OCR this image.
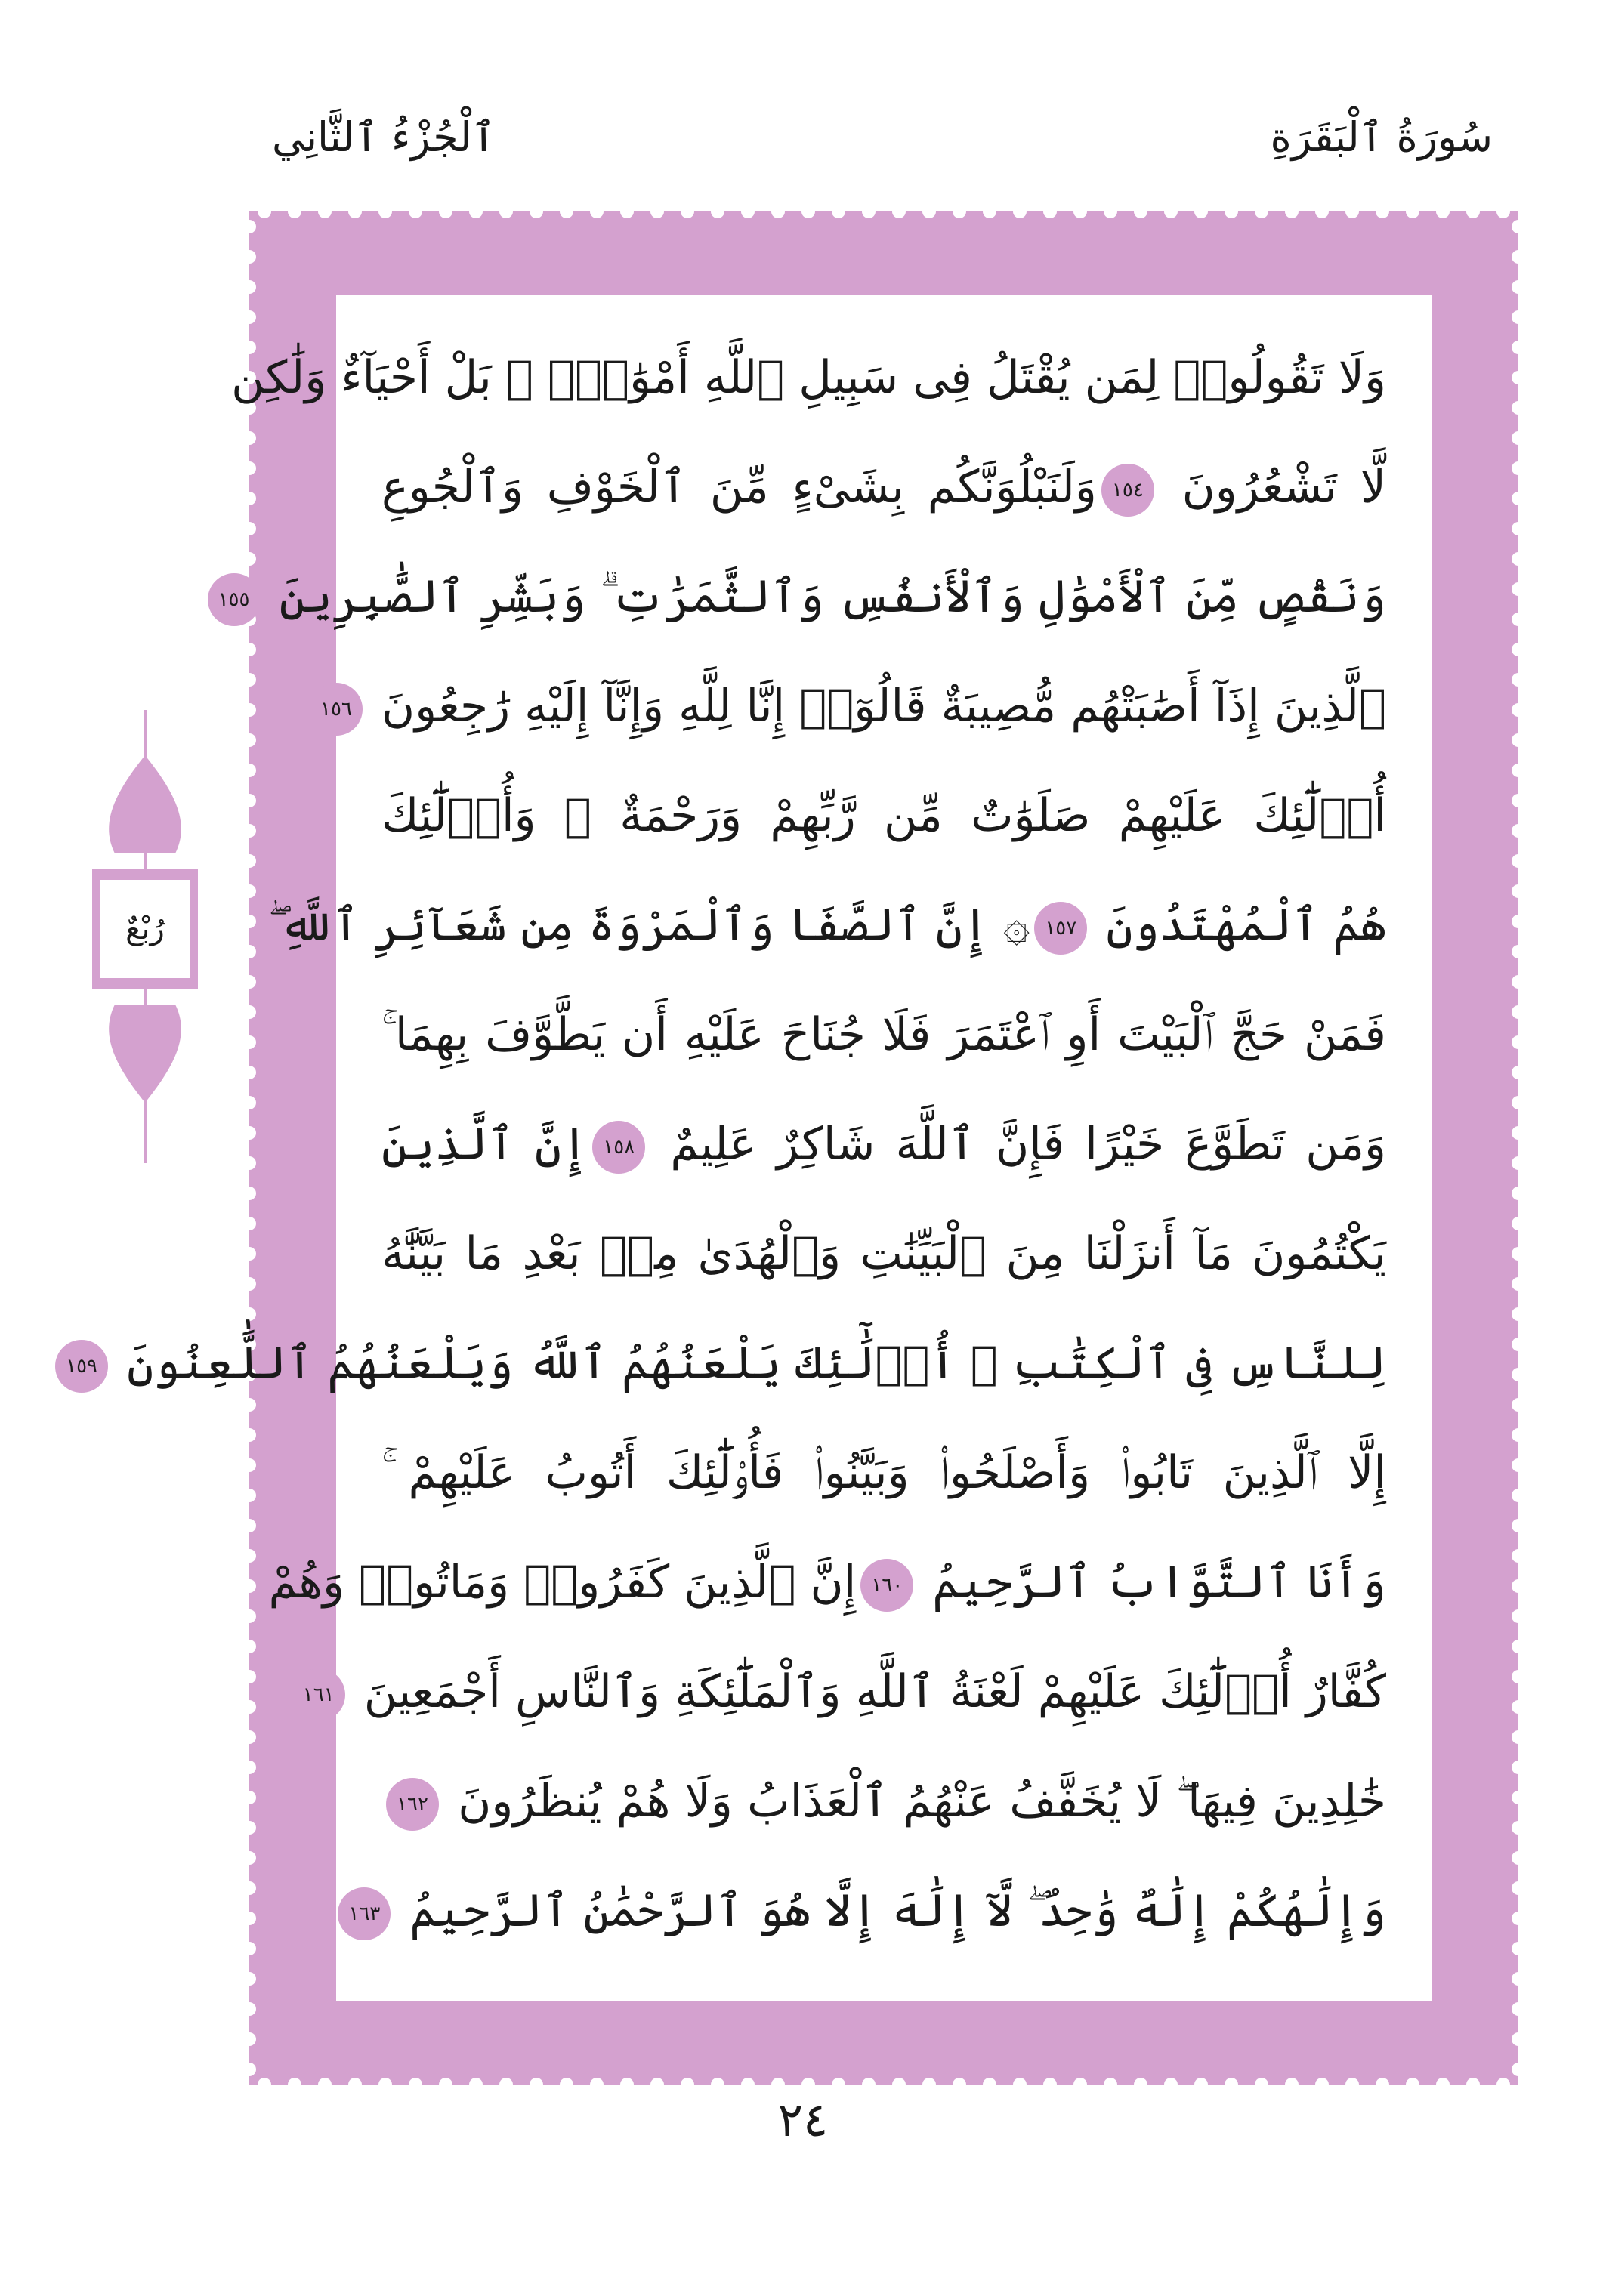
سُورَةُ ٱلْبَقَرَةِ
ٱلْجُزْءُ ٱلثَّانِي
وَلَا تَقُولُوا۟ لِمَن يُقْتَلُ فِى سَبِيلِ ٱللَّهِ أَمْوَٰتٌۢ ۚ بَلْ أَحْيَآءٌ وَلَٰكِن
لَّا تَشْعُرُونَ ١٥٤وَلَنَبْلُوَنَّكُم بِشَىْءٍ مِّنَ ٱلْخَوْفِ وَٱلْجُوعِ
وَنَقْصٍ مِّنَ ٱلْأَمْوَٰلِ وَٱلْأَنفُسِ وَٱلثَّمَرَٰتِ ۗ وَبَشِّرِ ٱلصَّٰبِرِينَ ١٥٥
ٱلَّذِينَ إِذَآ أَصَٰبَتْهُم مُّصِيبَةٌ قَالُوٓا۟ إِنَّا لِلَّهِ وَإِنَّآ إِلَيْهِ رَٰجِعُونَ ١٥٦
أُو۟لَٰٓئِكَ عَلَيْهِمْ صَلَوَٰتٌ مِّن رَّبِّهِمْ وَرَحْمَةٌ ۖ وَأُو۟لَٰٓئِكَ
هُمُ ٱلْمُهْتَدُونَ ١٥٧۞ إِنَّ ٱلصَّفَا وَٱلْمَرْوَةَ مِن شَعَآئِرِ ٱللَّهِ ۖ
فَمَنْ حَجَّ ٱلْبَيْتَ أَوِ ٱعْتَمَرَ فَلَا جُنَاحَ عَلَيْهِ أَن يَطَّوَّفَ بِهِمَا ۚ
وَمَن تَطَوَّعَ خَيْرًا فَإِنَّ ٱللَّهَ شَاكِرٌ عَلِيمٌ ١٥٨إِنَّ ٱلَّذِينَ
يَكْتُمُونَ مَآ أَنزَلْنَا مِنَ ٱلْبَيِّنَٰتِ وَٱلْهُدَىٰ مِنۢ بَعْدِ مَا بَيَّنَّٰهُ
لِلنَّاسِ فِى ٱلْكِتَٰبِ ۙ أُو۟لَٰٓئِكَ يَلْعَنُهُمُ ٱللَّهُ وَيَلْعَنُهُمُ ٱللَّٰعِنُونَ ١٥٩
إِلَّا ٱلَّذِينَ تَابُوا۟ وَأَصْلَحُوا۟ وَبَيَّنُوا۟ فَأُو۟لَٰٓئِكَ أَتُوبُ عَلَيْهِمْ ۚ
وَأَنَا ٱلتَّوَّابُ ٱلرَّحِيمُ ١٦٠إِنَّ ٱلَّذِينَ كَفَرُوا۟ وَمَاتُوا۟ وَهُمْ
كُفَّارٌ أُو۟لَٰٓئِكَ عَلَيْهِمْ لَعْنَةُ ٱللَّهِ وَٱلْمَلَٰٓئِكَةِ وَٱلنَّاسِ أَجْمَعِينَ ١٦١
خَٰلِدِينَ فِيهَا ۖ لَا يُخَفَّفُ عَنْهُمُ ٱلْعَذَابُ وَلَا هُمْ يُنظَرُونَ ١٦٢
وَإِلَٰهُكُمْ إِلَٰهٌ وَٰحِدٌ ۖ لَّآ إِلَٰهَ إِلَّا هُوَ ٱلرَّحْمَٰنُ ٱلرَّحِيمُ ١٦٣
رُبْعٌ
٢٤
